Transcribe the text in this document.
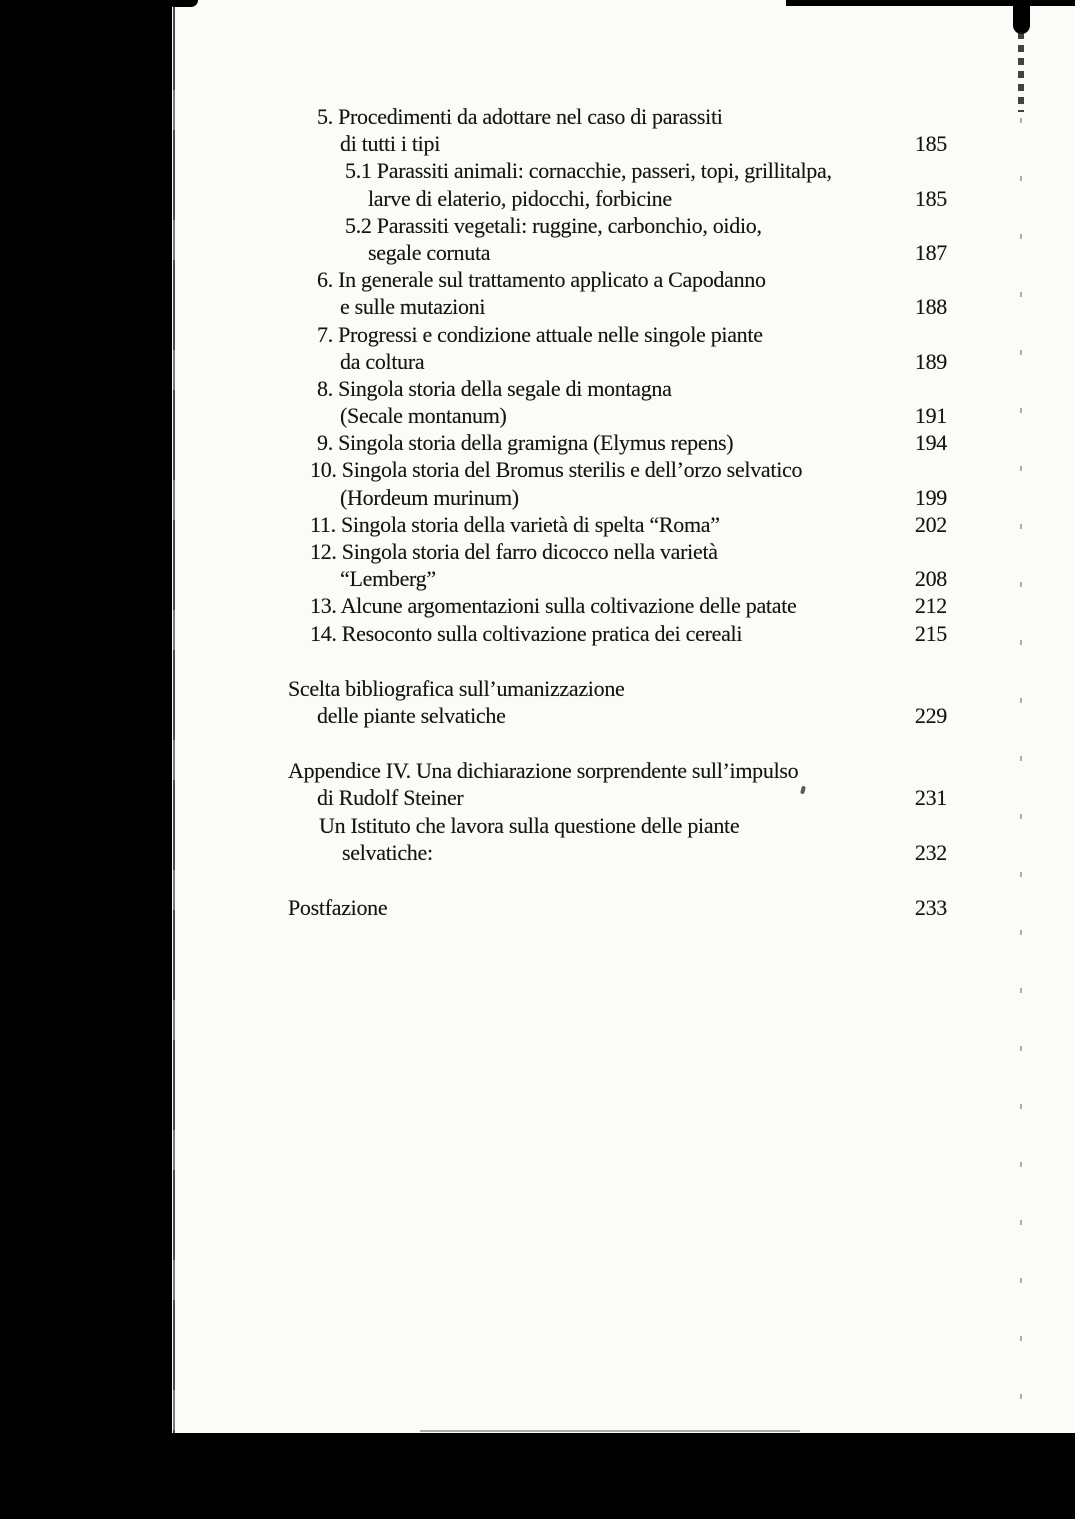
5. Procedimenti da adottare nel caso di parassiti
di tutti i tipi	185
5.1 Parassiti animali: cornacchie, passeri, topi, grillitalpa,
larve di elaterio, pidocchi, forbicine	185
5.2 Parassiti vegetali: ruggine, carbonchio, oidio,
segale cornuta	187
6. In generale sul trattamento applicato a Capodanno
e sulle mutazioni	188
7. Progressi e condizione attuale nelle singole piante
da coltura	189
8. Singola storia della segale di montagna
(Secale montanum)	191
9. Singola storia della gramigna (Elymus repens)	194
10. Singola storia del Bromus sterilis e dell’orzo selvatico
(Hordeum murinum)	199
11. Singola storia della varietà di spelta “Roma”	202
12. Singola storia del farro dicocco nella varietà
“Lemberg”	208
13. Alcune argomentazioni sulla coltivazione delle patate	212
14. Resoconto sulla coltivazione pratica dei cereali	215
Scelta bibliografica sull’umanizzazione
delle piante selvatiche	229
Appendice IV. Una dichiarazione sorprendente sull’impulso
di Rudolf Steiner	231
Un Istituto che lavora sulla questione delle piante
selvatiche:	232
Postfazione	233
